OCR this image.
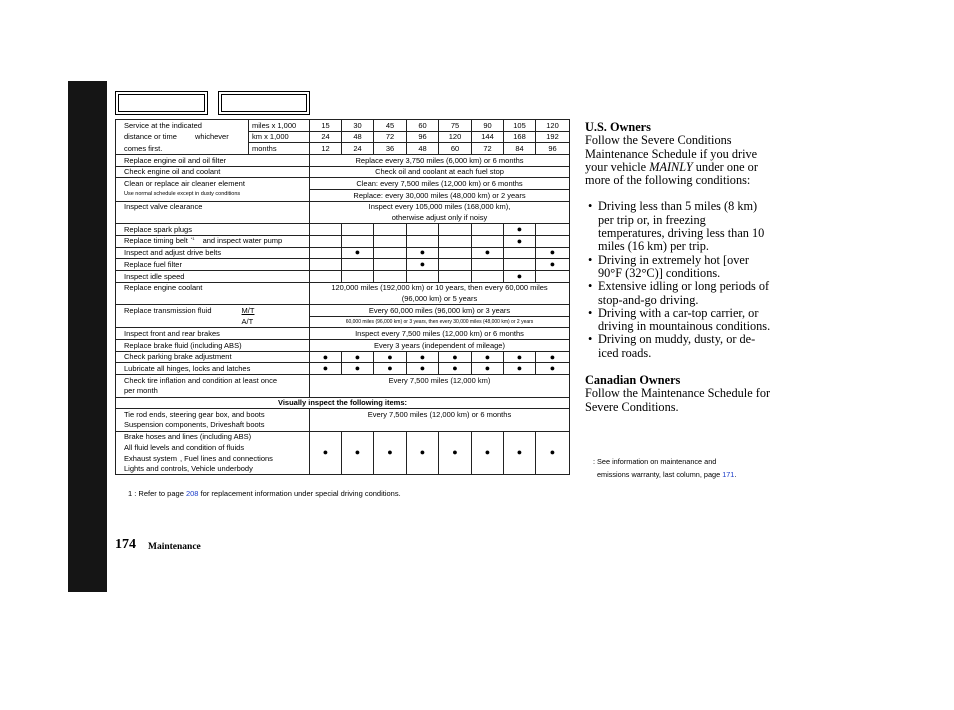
Service at the indicated	miles x 1,000	15	30	45	60	75	90	105	120
distance or time whichever	km x 1,000	24	48	72	96	120	144	168	192
comes first.	months	12	24	36	48	60	72	84	96
Replace engine oil and oil filter		Replace every 3,750 miles (6,000 km) or 6 months							
Check engine oil and coolant		Check oil and coolant at each fuel stop							
Clean or replace air cleaner element		Clean: every 7,500 miles (12,000 km) or 6 months							
Use normal schedule except in dusty conditions		Replace: every 30,000 miles (48,000 km) or 2 years							
Inspect valve clearance		Inspect every 105,000 miles (168,000 km),							
		otherwise adjust only if noisy							
Replace spark plugs								●	
Replace timing belt $^{*1}$ and inspect water pump								●	
Inspect and adjust drive belts			●		●		●		●
Replace fuel filter					●				●
Inspect idle speed								●	
Replace engine coolant		120,000 miles (192,000 km) or 10 years, then every 60,000 miles							
		(96,000 km) or 5 years							
Replace transmission fluid M/T		Every 60,000 miles (96,000 km) or 3 years							
A/T		60,000 miles (96,000 km) or 3 years, then every 30,000 miles (48,000 km) or 2 years							
Inspect front and rear brakes		Inspect every 7,500 miles (12,000 km) or 6 months							
Replace brake fluid (including ABS)		Every 3 years (independent of mileage)							
Check parking brake adjustment		●	●	●	●	●	●	●	●
Lubricate all hinges, locks and latches		●	●	●	●	●	●	●	●
Check tire inflation and condition at least once		Every 7,500 miles (12,000 km)							
per month									
Visually inspect the following items:									
Tie rod ends, steering gear box, and boots		Every 7,500 miles (12,000 km) or 6 months							
Suspension components, Driveshaft boots									
Brake hoses and lines (including ABS)		●	●	●	●	●	●	●	●
All fluid levels and condition of fluids									
Exhaust system , Fuel lines and connections									
Lights and controls, Vehicle underbody									
1 : Refer to page 208 for replacement information under special driving conditions.
174 Maintenance
U.S. Owners

Follow the Severe Conditions Maintenance Schedule if you drive your vehicle MAINLY under one or more of the following conditions:

• Driving less than 5 miles (8 km) per trip or, in freezing temperatures, driving less than 10 miles (16 km) per trip.
• Driving in extremely hot [over 90°F (32°C)] conditions.
• Extensive idling or long periods of stop-and-go driving.
• Driving with a car-top carrier, or driving in mountainous conditions.
• Driving on muddy, dusty, or de-iced roads.
Canadian Owners

Follow the Maintenance Schedule for Severe Conditions.

: See information on maintenance and
emissions warranty, last column, page 171.
